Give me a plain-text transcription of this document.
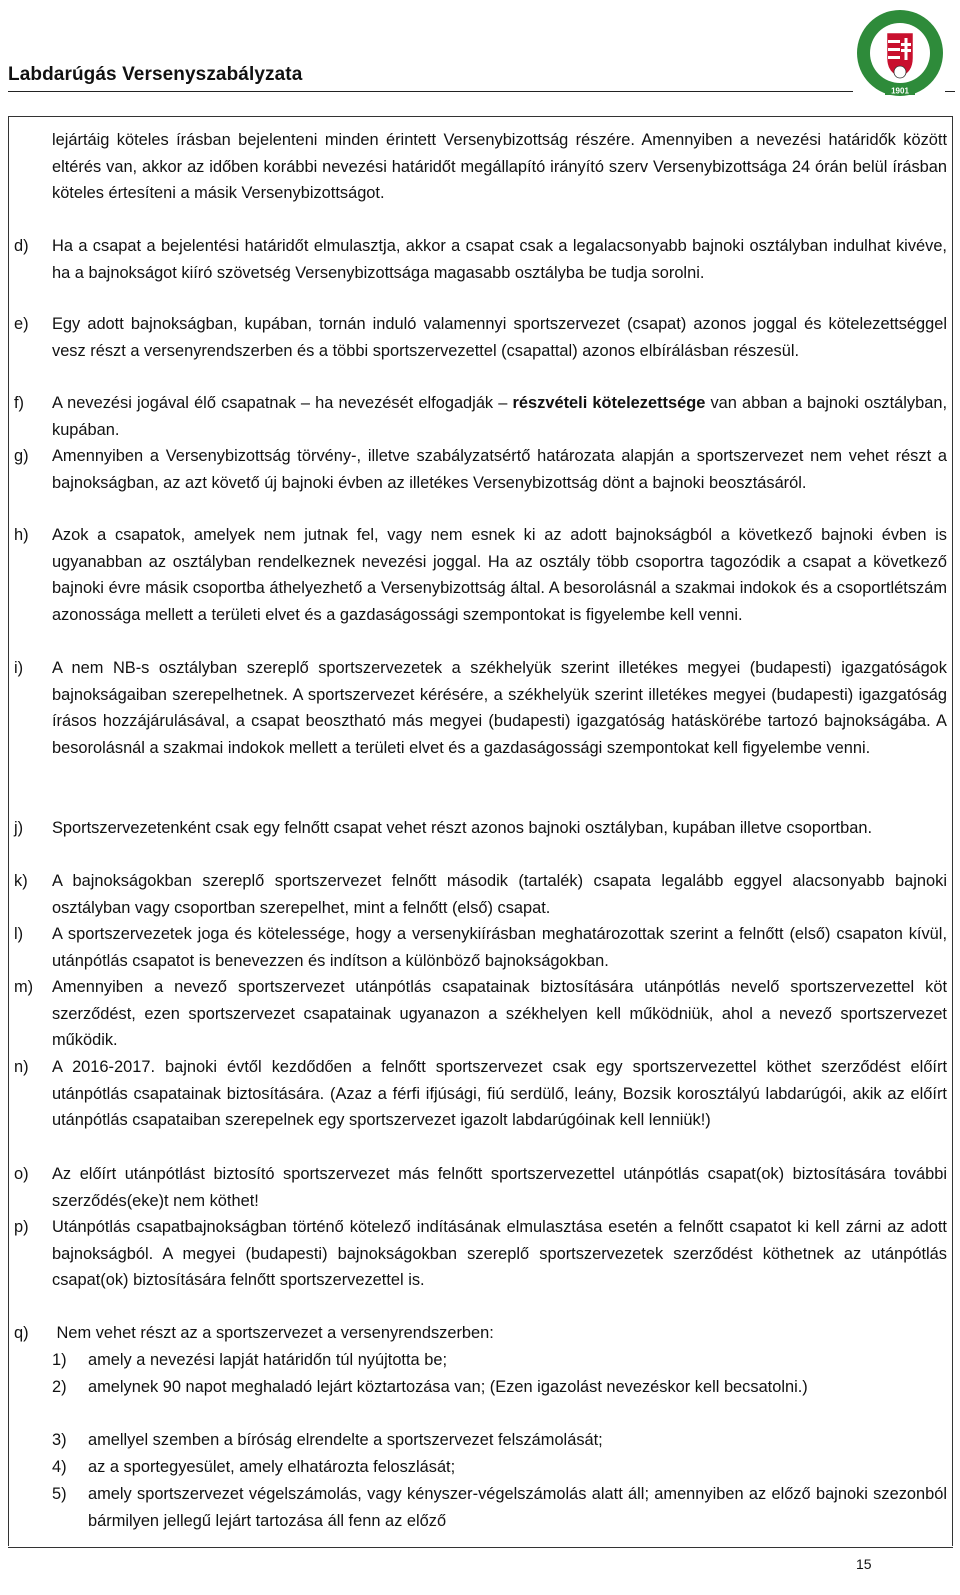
Labdarúgás Versenyszabályzata
1901
lejártáig köteles írásban bejelenteni minden érintett Versenybizottság részére. Amennyiben a nevezési határidők között eltérés van, akkor az időben korábbi nevezési határidőt megállapító irányító szerv Versenybizottsága 24 órán belül írásban köteles értesíteni a másik Versenybizottságot.
d)	Ha a csapat a bejelentési határidőt elmulasztja, akkor a csapat csak a legalacsonyabb bajnoki osztályban indulhat kivéve, ha a bajnokságot kiíró szövetség Versenybizottsága magasabb osztályba be tudja sorolni.
e)	Egy adott bajnokságban, kupában, tornán induló valamennyi sportszervezet (csapat) azonos joggal és kötelezettséggel vesz részt a versenyrendszerben és a többi sportszervezettel (csapattal) azonos elbírálásban részesül.
f)	A nevezési jogával élő csapatnak – ha nevezését elfogadják – részvételi kötelezettsége van abban a bajnoki osztályban, kupában.
g)	Amennyiben a Versenybizottság törvény-, illetve szabályzatsértő határozata alapján a sportszervezet nem vehet részt a bajnokságban, az azt követő új bajnoki évben az illetékes Versenybizottság dönt a bajnoki beosztásáról.
h)	Azok a csapatok, amelyek nem jutnak fel, vagy nem esnek ki az adott bajnokságból a következő bajnoki évben is ugyanabban az osztályban rendelkeznek nevezési joggal. Ha az osztály több csoportra tagozódik a csapat a következő bajnoki évre másik csoportba áthelyezhető a Versenybizottság által. A besorolásnál a szakmai indokok és a csoportlétszám azonossága mellett a területi elvet és a gazdaságossági szempontokat is figyelembe kell venni.
i)	A nem NB-s osztályban szereplő sportszervezetek a székhelyük szerint illetékes megyei (budapesti) igazgatóságok bajnokságaiban szerepelhetnek. A sportszervezet kérésére, a székhelyük szerint illetékes megyei (budapesti) igazgatóság írásos hozzájárulásával, a csapat beosztható más megyei (budapesti) igazgatóság hatáskörébe tartozó bajnokságába. A besorolásnál a szakmai indokok mellett a területi elvet és a gazdaságossági szempontokat kell figyelembe venni.
j)	Sportszervezetenként csak egy felnőtt csapat vehet részt azonos bajnoki osztályban, kupában illetve csoportban.
k)	A bajnokságokban szereplő sportszervezet felnőtt második (tartalék) csapata legalább eggyel alacsonyabb bajnoki osztályban vagy csoportban szerepelhet, mint a felnőtt (első) csapat.
l)	A sportszervezetek joga és kötelessége, hogy a versenykiírásban meghatározottak szerint a felnőtt (első) csapaton kívül, utánpótlás csapatot is benevezzen és indítson a különböző bajnokságokban.
m)	Amennyiben a nevező sportszervezet utánpótlás csapatainak biztosítására utánpótlás nevelő sportszervezettel köt szerződést, ezen sportszervezet csapatainak ugyanazon a székhelyen kell működniük, ahol a nevező sportszervezet működik.
n)	A 2016-2017. bajnoki évtől kezdődően a felnőtt sportszervezet csak egy sportszervezettel köthet szerződést előírt utánpótlás csapatainak biztosítására. (Azaz a férfi ifjúsági, fiú serdülő, leány, Bozsik korosztályú labdarúgói, akik az előírt utánpótlás csapataiban szerepelnek egy sportszervezet igazolt labdarúgóinak kell lenniük!)
o)	Az előírt utánpótlást biztosító sportszervezet más felnőtt sportszervezettel utánpótlás csapat(ok) biztosítására további szerződés(eke)t nem köthet!
p)	Utánpótlás csapatbajnokságban történő kötelező indításának elmulasztása esetén a felnőtt csapatot ki kell zárni az adott bajnokságból. A megyei (budapesti) bajnokságokban szereplő sportszervezetek szerződést köthetnek az utánpótlás csapat(ok) biztosítására felnőtt sportszervezettel is.
q)	Nem vehet részt az a sportszervezet a versenyrendszerben:
1)	amely a nevezési lapját határidőn túl nyújtotta be;
2)	amelynek 90 napot meghaladó lejárt köztartozása van; (Ezen igazolást nevezéskor kell becsatolni.)
3)	amellyel szemben a bíróság elrendelte a sportszervezet felszámolását;
4)	az a sportegyesület, amely elhatározta feloszlását;
5)	amely sportszervezet végelszámolás, vagy kényszer-végelszámolás alatt áll; amennyiben az előző bajnoki szezonból bármilyen jellegű lejárt tartozása áll fenn az előző
15
